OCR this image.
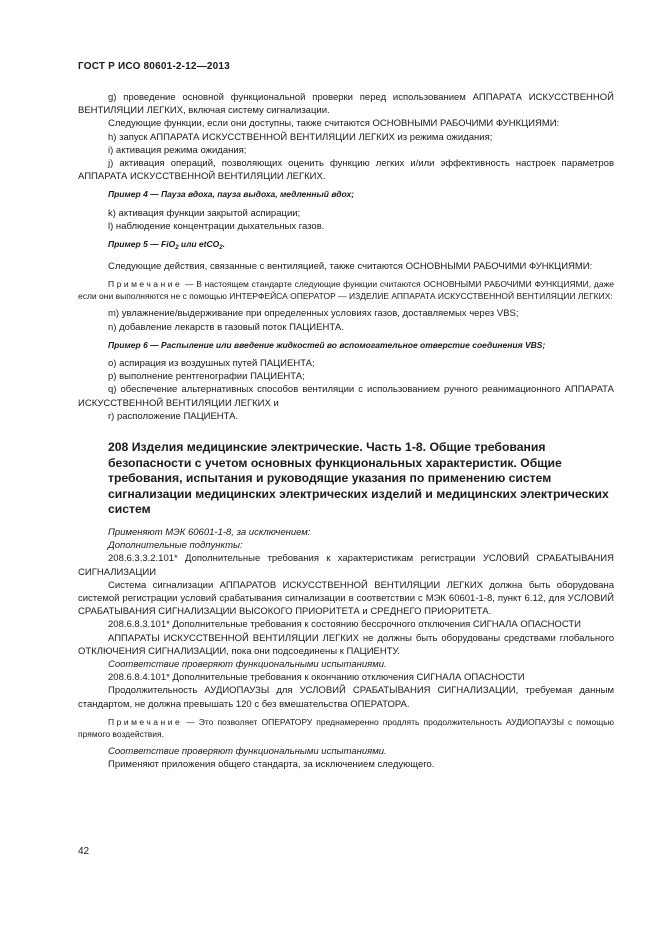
ГОСТ Р ИСО 80601-2-12—2013

g) проведение основной функциональной проверки перед использованием АППАРАТА ИСКУССТВЕННОЙ ВЕНТИЛЯЦИИ ЛЕГКИХ, включая систему сигнализации.

Следующие функции, если они доступны, также считаются ОСНОВНЫМИ РАБОЧИМИ ФУНКЦИЯМИ:

h) запуск АППАРАТА ИСКУССТВЕННОЙ ВЕНТИЛЯЦИИ ЛЕГКИХ из режима ожидания;

i) активация режима ожидания;

j) активация операций, позволяющих оценить функцию легких и/или эффективность настроек параметров АППАРАТА ИСКУССТВЕННОЙ ВЕНТИЛЯЦИИ ЛЕГКИХ.

Пример 4 — Пауза вдоха, пауза выдоха, медленный вдох;

k) активация функции закрытой аспирации;

l) наблюдение концентрации дыхательных газов.

Пример 5 — FiO$_2$ или etCO$_2$.

Следующие действия, связанные с вентиляцией, также считаются ОСНОВНЫМИ РАБОЧИМИ ФУНКЦИЯМИ:

Примечание — В настоящем стандарте следующие функции считаются ОСНОВНЫМИ РАБОЧИМИ ФУНКЦИЯМИ, даже если они выполняются не с помощью ИНТЕРФЕЙСА ОПЕРАТОР — ИЗДЕЛИЕ АППАРАТА ИСКУССТВЕННОЙ ВЕНТИЛЯЦИИ ЛЕГКИХ:

m) увлажнение/выдерживание при определенных условиях газов, доставляемых через VBS;

n) добавление лекарств в газовый поток ПАЦИЕНТА.

Пример 6 — Распыление или введение жидкостей во вспомогательное отверстие соединения VBS;

o) аспирация из воздушных путей ПАЦИЕНТА;

p) выполнение рентгенографии ПАЦИЕНТА;

q) обеспечение альтернативных способов вентиляции с использованием ручного реанимационного АППАРАТА ИСКУССТВЕННОЙ ВЕНТИЛЯЦИИ ЛЕГКИХ и

r) расположение ПАЦИЕНТА.

208 Изделия медицинские электрические. Часть 1-8. Общие требования безопасности с учетом основных функциональных характеристик. Общие требования, испытания и руководящие указания по применению систем сигнализации медицинских электрических изделий и медицинских электрических систем

Применяют МЭК 60601-1-8, за исключением:

Дополнительные подпункты:

208.6.3.3.2.101* Дополнительные требования к характеристикам регистрации УСЛОВИЙ СРАБАТЫВАНИЯ СИГНАЛИЗАЦИИ

Система сигнализации АППАРАТОВ ИСКУССТВЕННОЙ ВЕНТИЛЯЦИИ ЛЕГКИХ должна быть оборудована системой регистрации условий срабатывания сигнализации в соответствии с МЭК 60601-1-8, пункт 6.12, для УСЛОВИЙ СРАБАТЫВАНИЯ СИГНАЛИЗАЦИИ ВЫСОКОГО ПРИОРИТЕТА и СРЕДНЕГО ПРИОРИТЕТА.

208.6.8.3.101* Дополнительные требования к состоянию бессрочного отключения СИГНАЛА ОПАСНОСТИ

АППАРАТЫ ИСКУССТВЕННОЙ ВЕНТИЛЯЦИИ ЛЕГКИХ не должны быть оборудованы средствами глобального ОТКЛЮЧЕНИЯ СИГНАЛИЗАЦИИ, пока они подсоединены к ПАЦИЕНТУ.

Соответствие проверяют функциональными испытаниями.

208.6.8.4.101* Дополнительные требования к окончанию отключения СИГНАЛА ОПАСНОСТИ

Продолжительность АУДИОПАУЗЫ для УСЛОВИЙ СРАБАТЫВАНИЯ СИГНАЛИЗАЦИИ, требуемая данным стандартом, не должна превышать 120 с без вмешательства ОПЕРАТОРА.

Примечание — Это позволяет ОПЕРАТОРУ преднамеренно продлять продолжительность АУДИОПАУЗЫ с помощью прямого воздействия.

Соответствие проверяют функциональными испытаниями.

Применяют приложения общего стандарта, за исключением следующего.

42
